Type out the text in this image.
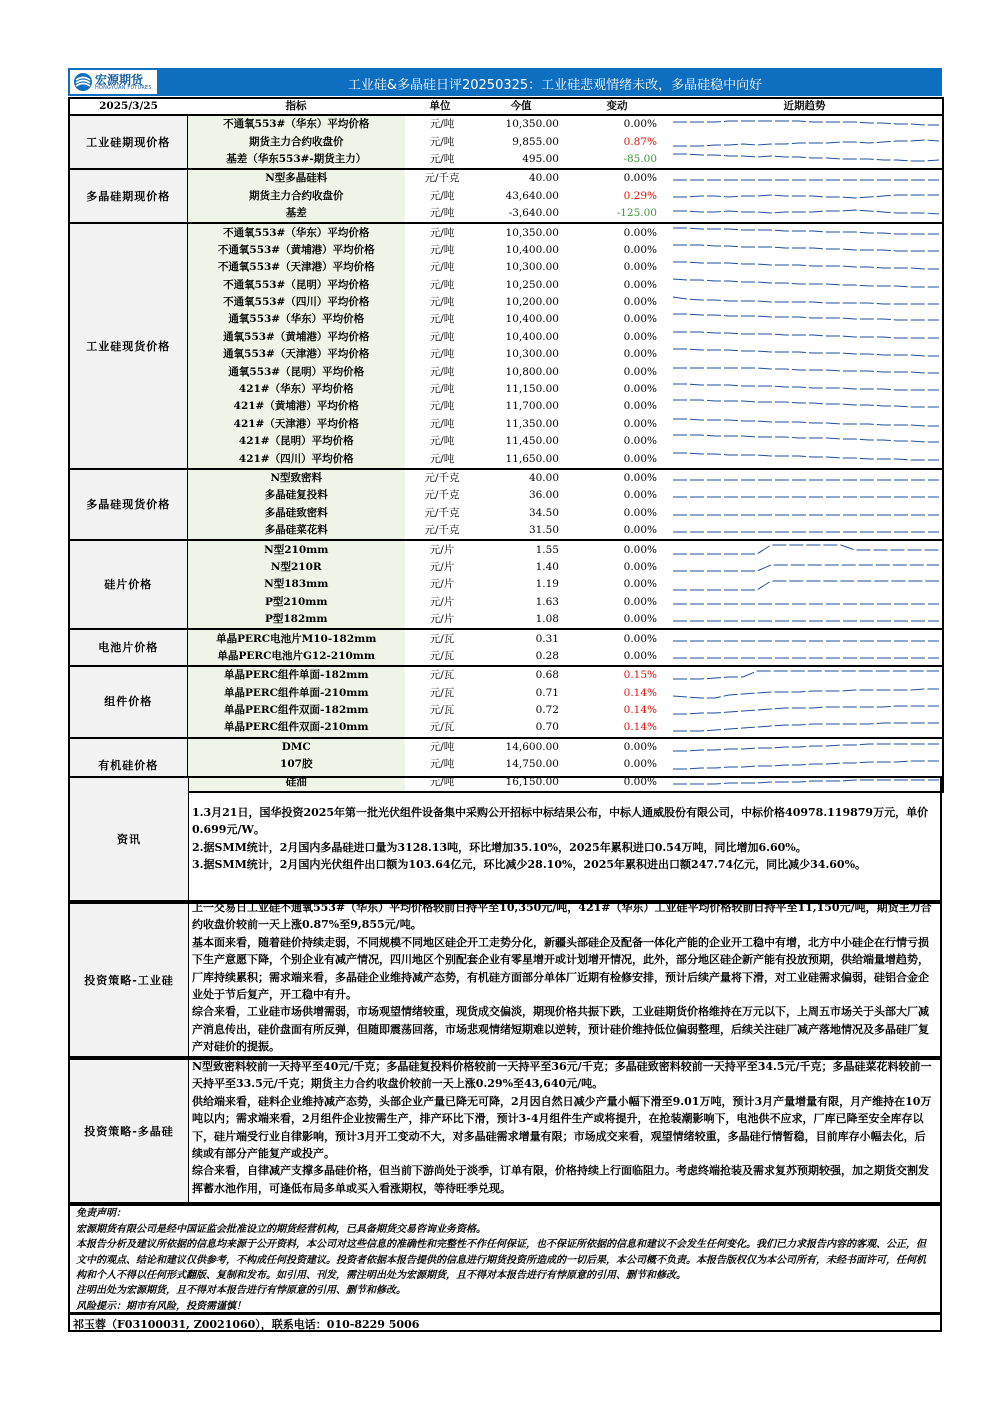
宏源期货
HONGYUAN FUTURES	工业硅&多晶硅日评20250325：工业硅悲观情绪未改，多晶硅稳中向好
2025/3/25	指标	单位	今值	变动	近期趋势
工业硅期现价格	不通氧553#（华东）平均价格	元/吨	10,350.00	0.00%	

	期货主力合约收盘价	元/吨	9,855.00	0.87%	

	基差（华东553#-期货主力）	元/吨	495.00	-85.00	

多晶硅期现价格	N型多晶硅料	元/千克	40.00	0.00%	

	期货主力合约收盘价	元/吨	43,640.00	0.29%	

	基差	元/吨	-3,640.00	-125.00	

工业硅现货价格	不通氧553#（华东）平均价格	元/吨	10,350.00	0.00%	

	不通氧553#（黄埔港）平均价格	元/吨	10,400.00	0.00%	

	不通氧553#（天津港）平均价格	元/吨	10,300.00	0.00%	

	不通氧553#（昆明）平均价格	元/吨	10,250.00	0.00%	

	不通氧553#（四川）平均价格	元/吨	10,200.00	0.00%	

	通氧553#（华东）平均价格	元/吨	10,400.00	0.00%	

	通氧553#（黄埔港）平均价格	元/吨	10,400.00	0.00%	

	通氧553#（天津港）平均价格	元/吨	10,300.00	0.00%	

	通氧553#（昆明）平均价格	元/吨	10,800.00	0.00%	

	421#（华东）平均价格	元/吨	11,150.00	0.00%	

	421#（黄埔港）平均价格	元/吨	11,700.00	0.00%	

	421#（天津港）平均价格	元/吨	11,350.00	0.00%	

	421#（昆明）平均价格	元/吨	11,450.00	0.00%	

	421#（四川）平均价格	元/吨	11,650.00	0.00%	

多晶硅现货价格	N型致密料	元/千克	40.00	0.00%	

	多晶硅复投料	元/千克	36.00	0.00%	

	多晶硅致密料	元/千克	34.50	0.00%	

	多晶硅菜花料	元/千克	31.50	0.00%	

硅片价格	N型210mm	元/片	1.55	0.00%	

	N型210R	元/片	1.40	0.00%	

	N型183mm	元/片	1.19	0.00%	

	P型210mm	元/片	1.63	0.00%	

	P型182mm	元/片	1.08	0.00%	

电池片价格	单晶PERC电池片M10-182mm	元/瓦	0.31	0.00%	

	单晶PERC电池片G12-210mm	元/瓦	0.28	0.00%	

组件价格	单晶PERC组件单面-182mm	元/瓦	0.68	0.15%	

	单晶PERC组件单面-210mm	元/瓦	0.71	0.14%	

	单晶PERC组件双面-182mm	元/瓦	0.72	0.14%	

	单晶PERC组件双面-210mm	元/瓦	0.70	0.14%	

有机硅价格	DMC	元/吨	14,600.00	0.00%	

	107胶	元/吨	14,750.00	0.00%	

	硅油	元/吨	16,150.00	0.00%	
资讯

1.3月21日，国华投资2025年第一批光伏组件设备集中采购公开招标中标结果公布，中标人通威股份有限公司，中标价格40978.119879万元，单价0.699元/W。

2.据SMM统计，2月国内多晶硅进口量为3128.13吨，环比增加35.10%，2025年累积进口0.54万吨，同比增加6.60%。

3.据SMM统计，2月国内光伏组件出口额为103.64亿元，环比减少28.10%，2025年累积进出口额247.74亿元，同比减少34.60%。

投资策略-工业硅

上一交易日工业硅不通氧553#（华东）平均价格较前日持平至10,350元/吨，421#（华东）工业硅平均价格较前日持平至11,150元/吨，期货主力合约收盘价较前一天上涨0.87%至9,855元/吨。

基本面来看，随着硅价持续走弱，不同规模不同地区硅企开工走势分化，新疆头部硅企及配备一体化产能的企业开工稳中有增，北方中小硅企在行情亏损下生产意愿下降，个别企业有减产情况，四川地区个别配套企业有零星增开或计划增开情况，此外，部分地区硅企新产能有投放预期，供给端量增趋势，厂库持续累积；需求端来看，多晶硅企业维持减产态势，有机硅方面部分单体厂近期有检修安排，预计后续产量将下滑，对工业硅需求偏弱，硅铝合金企业处于节后复产，开工稳中有升。

综合来看，工业硅市场供增需弱，市场观望情绪较重，现货成交偏淡，期现价格共振下跌，工业硅期货价格维持在万元以下，上周五市场关于头部大厂减产消息传出，硅价盘面有所反弹，但随即震荡回落，市场悲观情绪短期难以逆转，预计硅价维持低位偏弱整理，后续关注硅厂减产落地情况及多晶硅厂复产对硅价的提振。

投资策略-多晶硅

N型致密料较前一天持平至40元/千克；多晶硅复投料价格较前一天持平至36元/千克；多晶硅致密料较前一天持平至34.5元/千克；多晶硅菜花料较前一天持平至33.5元/千克；期货主力合约收盘价较前一天上涨0.29%至43,640元/吨。

供给端来看，硅料企业维持减产态势，头部企业产量已降无可降，2月因自然日减少产量小幅下滑至9.01万吨，预计3月产量增量有限，月产维持在10万吨以内；需求端来看，2月组件企业按需生产，排产环比下滑，预计3-4月组件生产或将提升，在抢装潮影响下，电池供不应求，厂库已降至安全库存以下，硅片端受行业自律影响，预计3月开工变动不大，对多晶硅需求增量有限；市场成交来看，观望情绪较重，多晶硅行情暂稳，目前库存小幅去化，后续或有部分产能复产或投产。

综合来看，自律减产支撑多晶硅价格，但当前下游尚处于淡季，订单有限，价格持续上行面临阻力。考虑终端抢装及需求复苏预期较强，加之期货交割发挥蓄水池作用，可逢低布局多单或买入看涨期权，等待旺季兑现。

免责声明：

宏源期货有限公司是经中国证监会批准设立的期货经营机构，已具备期货交易咨询业务资格。

本报告分析及建议所依据的信息均来源于公开资料，本公司对这些信息的准确性和完整性不作任何保证，也不保证所依据的信息和建议不会发生任何变化。我们已力求报告内容的客观、公正，但文中的观点、结论和建议仅供参考，不构成任何投资建议。投资者依据本报告提供的信息进行期货投资所造成的一切后果，本公司概不负责。本报告版权仅为本公司所有，未经书面许可，任何机构和个人不得以任何形式翻版、复制和发布。如引用、刊发，需注明出处为宏源期货，且不得对本报告进行有悖原意的引用、删节和修改。

注明出处为宏源期货，且不得对本报告进行有悖原意的引用、删节和修改。

风险提示：期市有风险，投资需谨慎！

祁玉蓉（F03100031, Z0021060），联系电话：010-8229 5006
